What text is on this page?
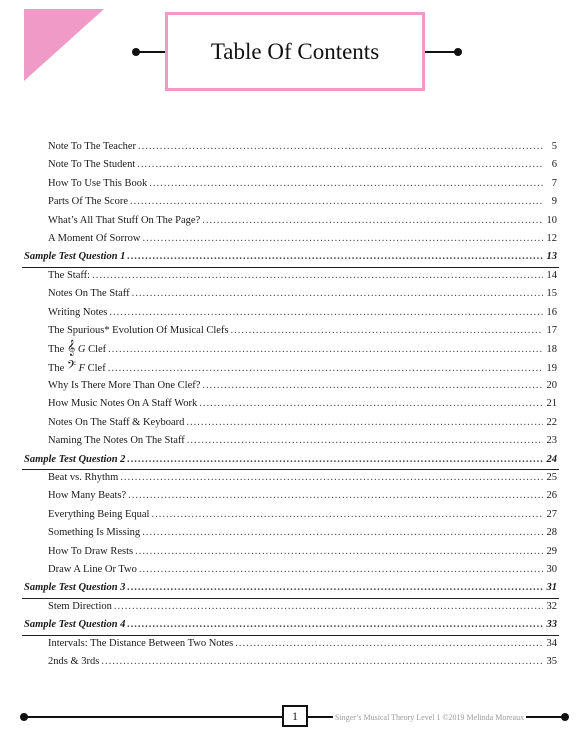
Table Of Contents
Note To The Teacher .....	5
Note To The Student .....	6
How To Use This Book .....	7
Parts Of The Score .....	9
What’s All That Stuff On The Page? .....	10
A Moment Of Sorrow .....	12
Sample Test Question 1 .....	13
The Staff: .....	14
Notes On The Staff .....	15
Writing Notes .....	16
The Spurious* Evolution Of Musical Clefs .....	17
The 𝄞 G Clef .....	18
The 𝄢 F Clef .....	19
Why Is There More Than One Clef? .....	20
How Music Notes On A Staff Work .....	21
Notes On The Staff & Keyboard .....	22
Naming The Notes On The Staff .....	23
Sample Test Question 2 .....	24
Beat vs. Rhythm .....	25
How Many Beats? .....	26
Everything Being Equal .....	27
Something Is Missing .....	28
How To Draw Rests .....	29
Draw A Line Or Two .....	30
Sample Test Question 3 .....	31
Stem Direction .....	32
Sample Test Question 4 .....	33
Intervals: The Distance Between Two Notes .....	34
2nds & 3rds .....	35
1	Singer’s Musical Theory Level 1 ©2019 Melinda Moreaux
